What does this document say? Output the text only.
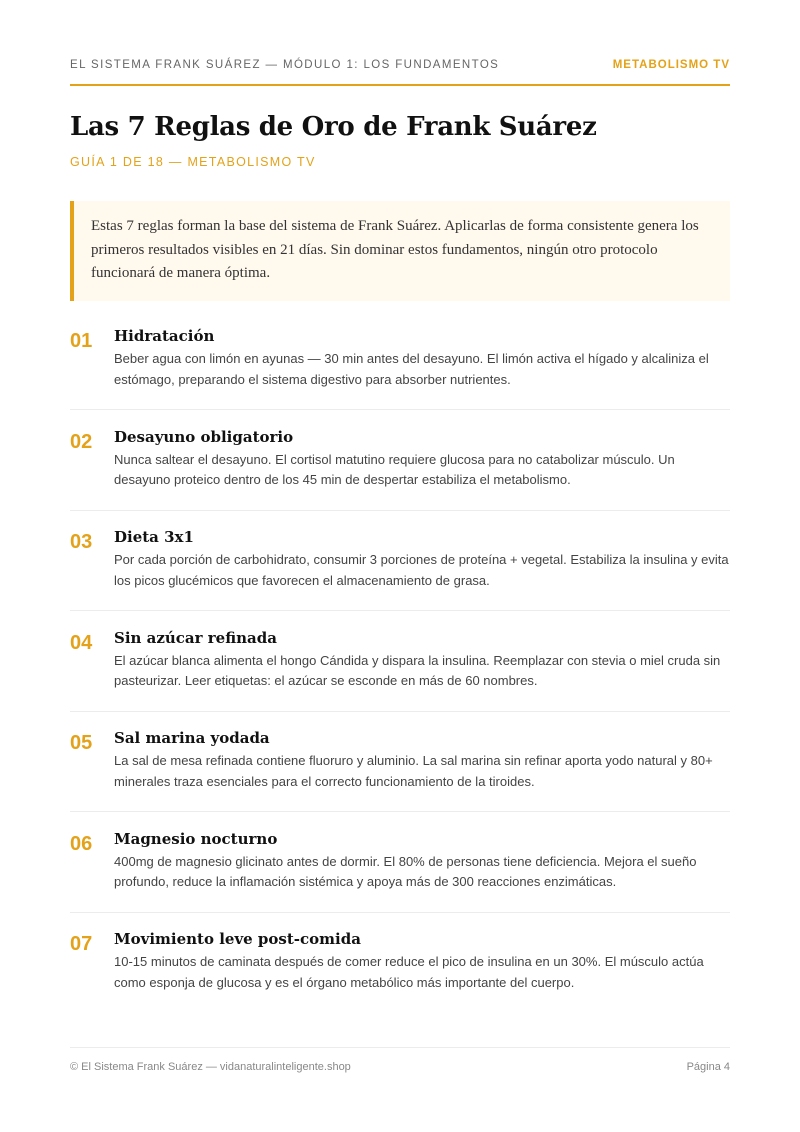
EL SISTEMA FRANK SUÁREZ — MÓDULO 1: LOS FUNDAMENTOS	METABOLISMO TV
Las 7 Reglas de Oro de Frank Suárez
GUÍA 1 DE 18 — METABOLISMO TV

Estas 7 reglas forman la base del sistema de Frank Suárez. Aplicarlas de forma consistente genera los primeros resultados visibles en 21 días. Sin dominar estos fundamentos, ningún otro protocolo funcionará de manera óptima.

01 Hidratación
Beber agua con limón en ayunas — 30 min antes del desayuno. El limón activa el hígado y alcaliniza el estómago, preparando el sistema digestivo para absorber nutrientes.
02 Desayuno obligatorio
Nunca saltear el desayuno. El cortisol matutino requiere glucosa para no catabolizar músculo. Un desayuno proteico dentro de los 45 min de despertar estabiliza el metabolismo.
03 Dieta 3x1
Por cada porción de carbohidrato, consumir 3 porciones de proteína + vegetal. Estabiliza la insulina y evita los picos glucémicos que favorecen el almacenamiento de grasa.
04 Sin azúcar refinada
El azúcar blanca alimenta el hongo Cándida y dispara la insulina. Reemplazar con stevia o miel cruda sin pasteurizar. Leer etiquetas: el azúcar se esconde en más de 60 nombres.
05 Sal marina yodada
La sal de mesa refinada contiene fluoruro y aluminio. La sal marina sin refinar aporta yodo natural y 80+ minerales traza esenciales para el correcto funcionamiento de la tiroides.
06 Magnesio nocturno
400mg de magnesio glicinato antes de dormir. El 80% de personas tiene deficiencia. Mejora el sueño profundo, reduce la inflamación sistémica y apoya más de 300 reacciones enzimáticas.
07 Movimiento leve post-comida
10-15 minutos de caminata después de comer reduce el pico de insulina en un 30%. El músculo actúa como esponja de glucosa y es el órgano metabólico más importante del cuerpo.
© El Sistema Frank Suárez — vidanaturalinteligente.shop	Página 4
